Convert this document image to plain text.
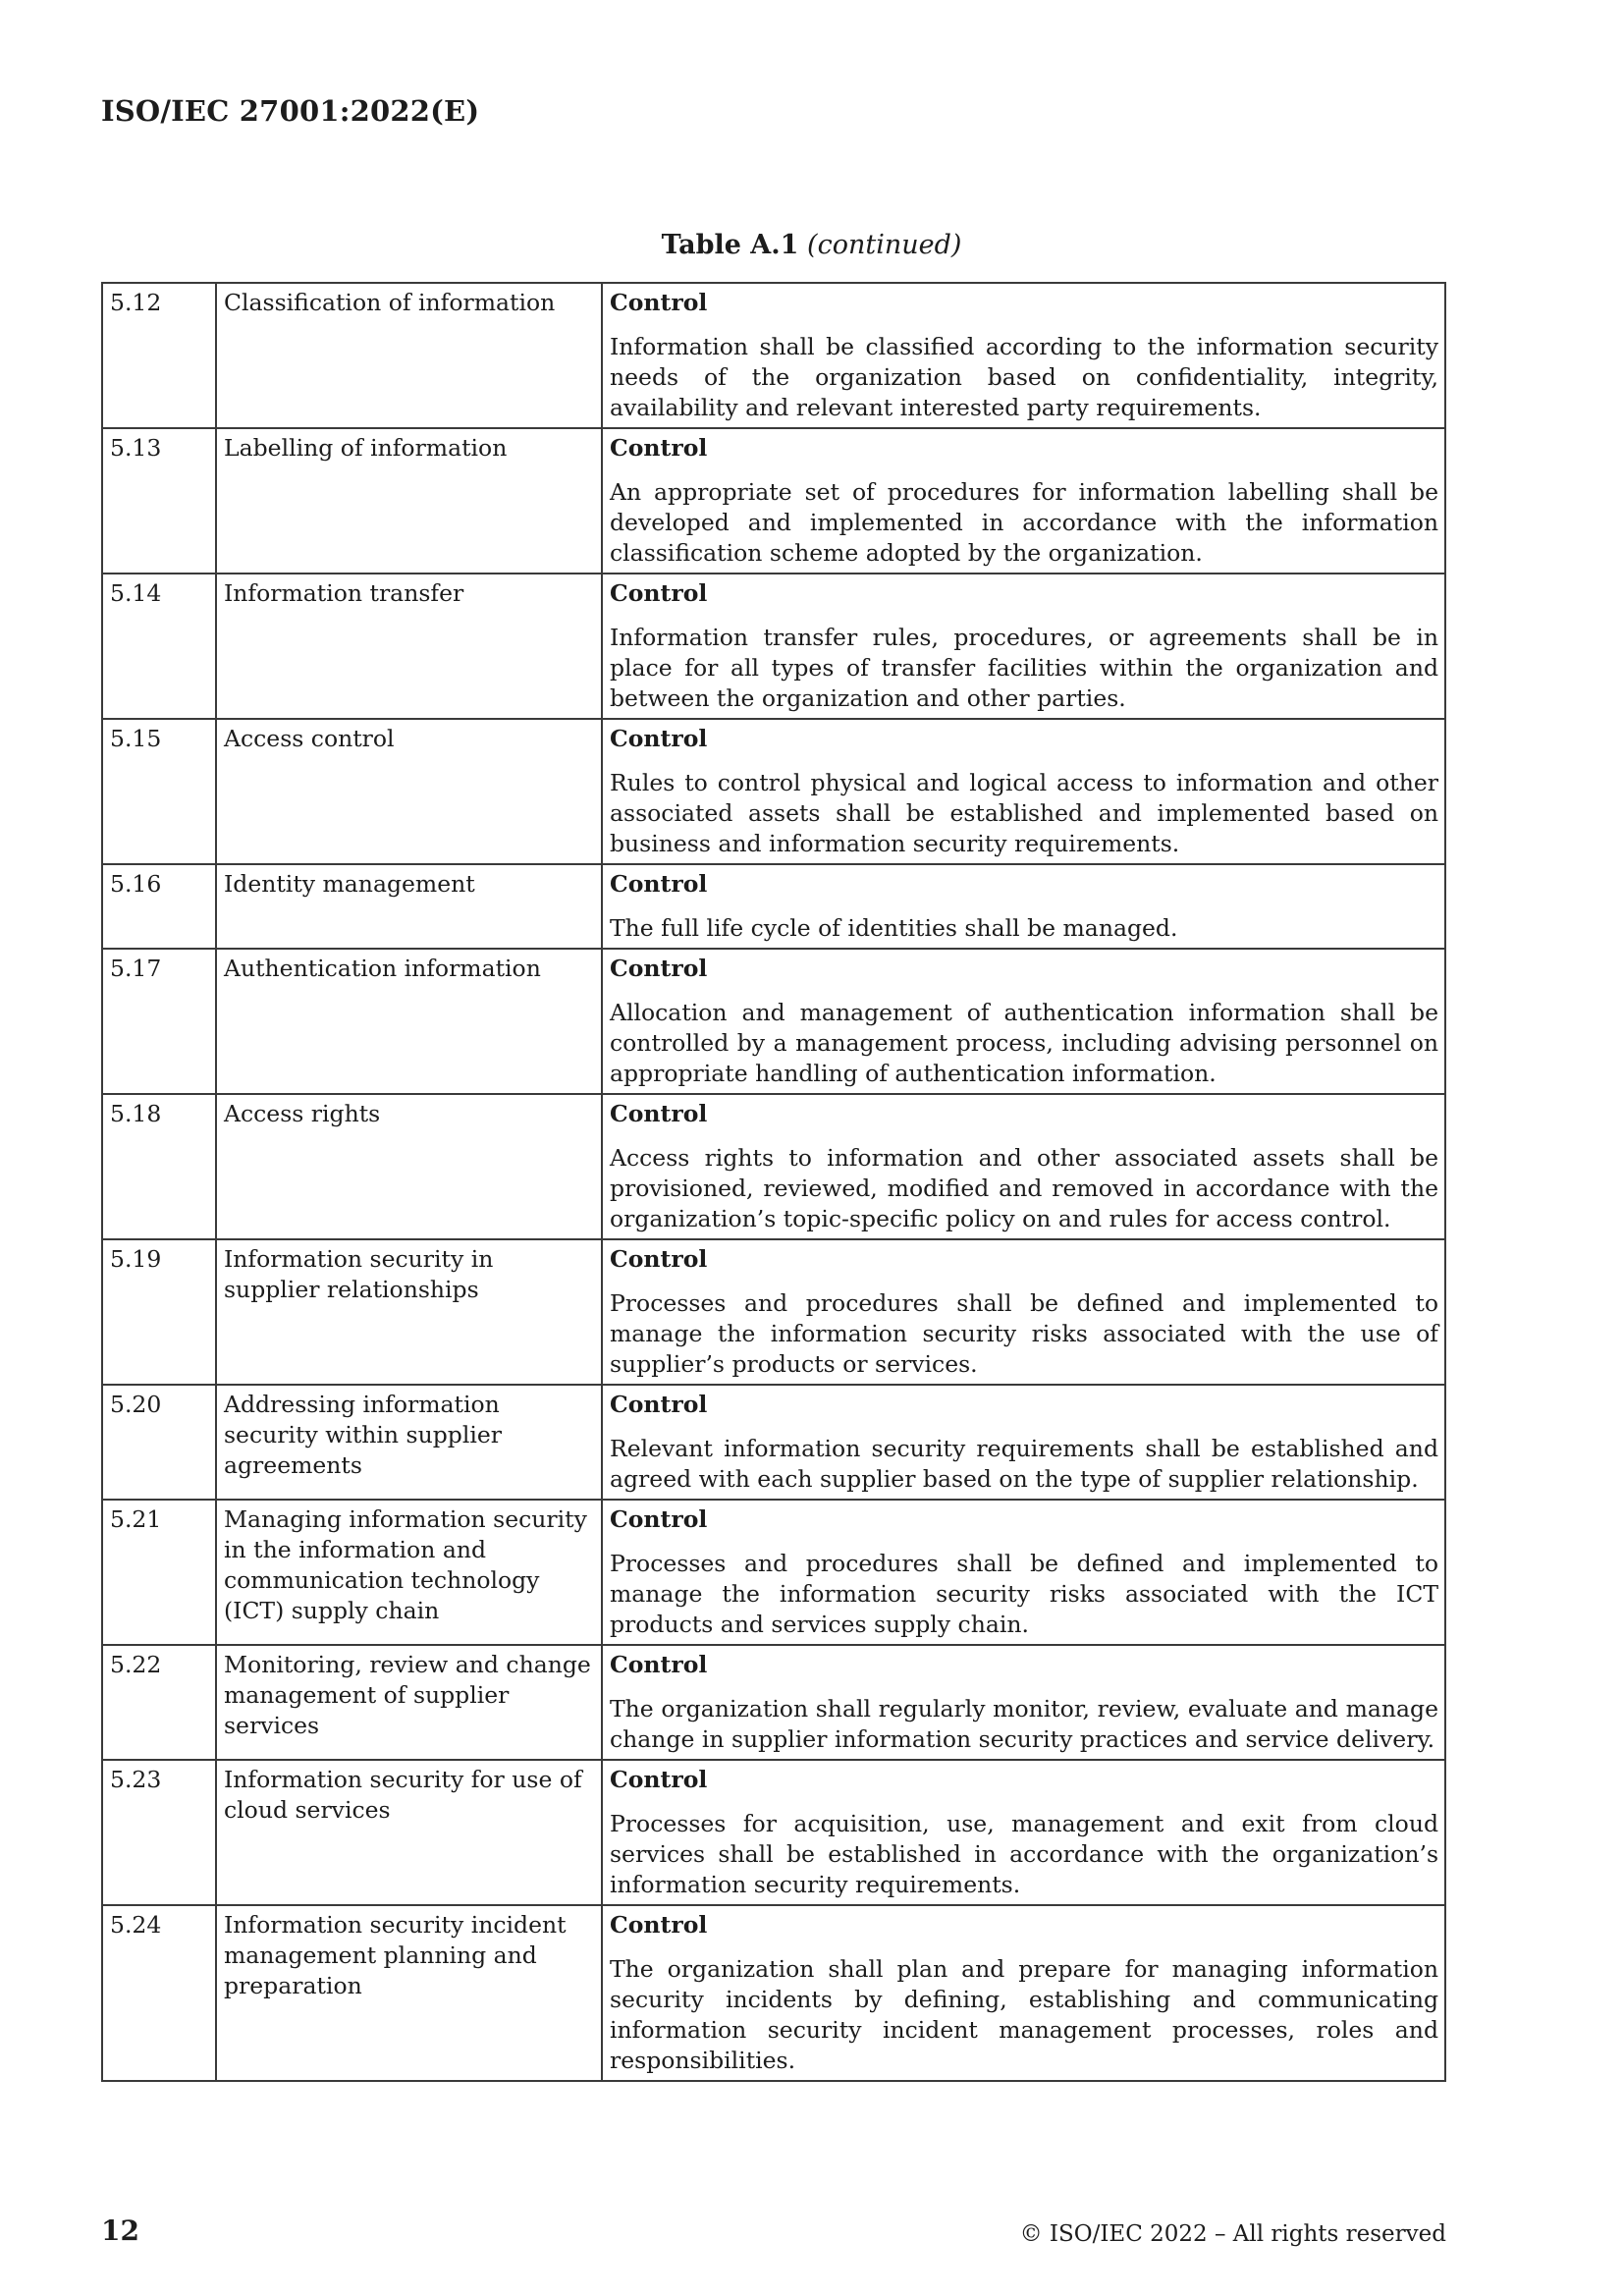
ISO/IEC 27001:2022(E)

Table A.1 (continued)

5.12	Classification of information	Control
Information shall be classified according to the information security needs of the organization based on confidentiality, integrity, availability and relevant interested party requirements.

5.13	Labelling of information	Control
An appropriate set of procedures for information labelling shall be developed and implemented in accordance with the information classification scheme adopted by the organization.

5.14	Information transfer	Control
Information transfer rules, procedures, or agreements shall be in place for all types of transfer facilities within the organization and between the organization and other parties.

5.15	Access control	Control
Rules to control physical and logical access to information and other associated assets shall be established and implemented based on business and information security requirements.

5.16	Identity management	Control
The full life cycle of identities shall be managed.

5.17	Authentication information	Control
Allocation and management of authentication information shall be controlled by a management process, including advising personnel on appropriate handling of authentication information.

5.18	Access rights	Control
Access rights to information and other associated assets shall be provisioned, reviewed, modified and removed in accordance with the organization’s topic-specific policy on and rules for access control.

5.19	Information security in supplier relationships	Control
Processes and procedures shall be defined and implemented to manage the information security risks associated with the use of supplier’s products or services.

5.20	Addressing information security within supplier agreements	Control
Relevant information security requirements shall be established and agreed with each supplier based on the type of supplier relationship.

5.21	Managing information security in the information and communication technology (ICT) supply chain	Control
Processes and procedures shall be defined and implemented to manage the information security risks associated with the ICT products and services supply chain.

5.22	Monitoring, review and change management of supplier services	Control
The organization shall regularly monitor, review, evaluate and manage change in supplier information security practices and service delivery.

5.23	Information security for use of cloud services	Control
Processes for acquisition, use, management and exit from cloud services shall be established in accordance with the organization’s information security requirements.

5.24	Information security incident management planning and preparation	Control
The organization shall plan and prepare for managing information security incidents by defining, establishing and communicating information security incident management processes, roles and responsibilities.

12	© ISO/IEC 2022 – All rights reserved
